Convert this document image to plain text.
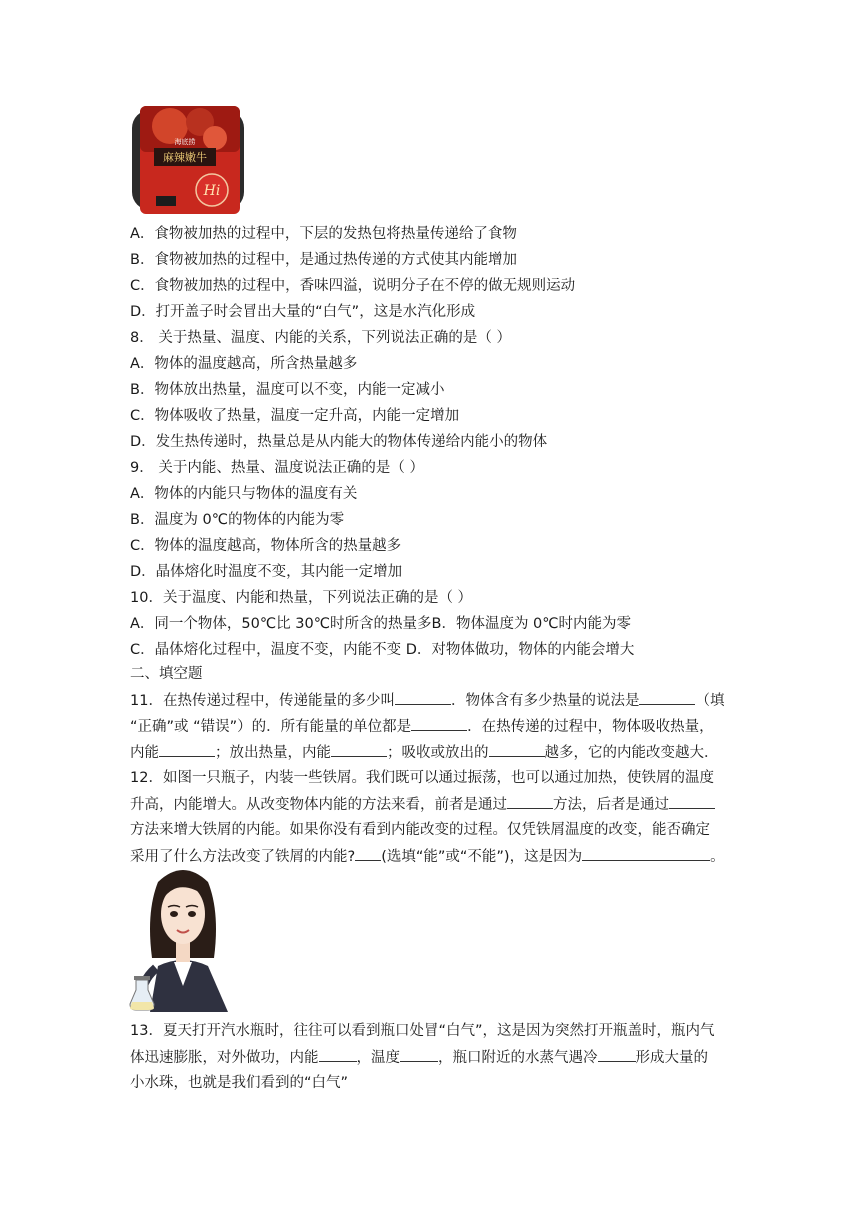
麻辣嫩牛
海底捞
Hi
A．食物被加热的过程中，下层的发热包将热量传递给了食物
B．食物被加热的过程中，是通过热传递的方式使其内能增加
C．食物被加热的过程中，香味四溢，说明分子在不停的做无规则运动
D．打开盖子时会冒出大量的“白气”，这是水汽化形成
8． 关于热量、温度、内能的关系，下列说法正确的是（ ）
A．物体的温度越高，所含热量越多
B．物体放出热量，温度可以不变，内能一定减小
C．物体吸收了热量，温度一定升高，内能一定增加
D．发生热传递时，热量总是从内能大的物体传递给内能小的物体
9． 关于内能、热量、温度说法正确的是（ ）
A．物体的内能只与物体的温度有关
B．温度为 0℃的物体的内能为零
C．物体的温度越高，物体所含的热量越多
D．晶体熔化时温度不变，其内能一定增加
10．关于温度、内能和热量，下列说法正确的是（ ）
A．同一个物体，50℃比 30℃时所含的热量多B．物体温度为 0℃时内能为零
C．晶体熔化过程中，温度不变，内能不变 D．对物体做功，物体的内能会增大
二、填空题
11．在热传递过程中，传递能量的多少叫	．物体含有多少热量的说法是	（填
“正确”或 “错误”）的．所有能量的单位都是	．在热传递的过程中，物体吸收热量，
内能	；放出热量，内能	；吸收或放出的	越多，它的内能改变越大．
12．如图一只瓶子，内装一些铁屑。我们既可以通过振荡，也可以通过加热，使铁屑的温度
升高，内能增大。从改变物体内能的方法来看，前者是通过	方法，后者是通过
方法来增大铁屑的内能。如果你没有看到内能改变的过程。仅凭铁屑温度的改变，能否确定
采用了什么方法改变了铁屑的内能? (选填“能”或“不能”)，这是因为	。
13．夏天打开汽水瓶时，往往可以看到瓶口处冒“白气”，这是因为突然打开瓶盖时，瓶内气
体迅速膨胀，对外做功，内能	，温度	，瓶口附近的水蒸气遇冷	形成大量的
小水珠，也就是我们看到的“白气”
